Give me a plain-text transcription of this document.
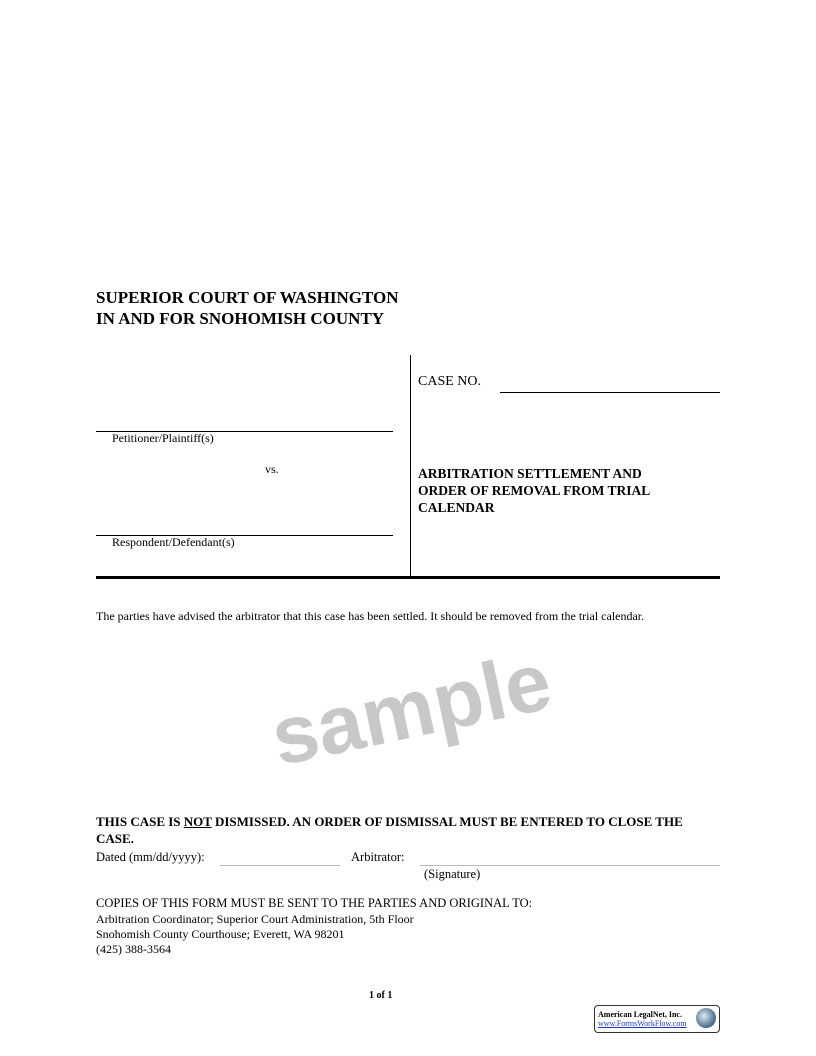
sample
SUPERIOR COURT OF WASHINGTON
IN AND FOR SNOHOMISH COUNTY
CASE NO.
Petitioner/Plaintiff(s)
vs.
Respondent/Defendant(s)
ARBITRATION SETTLEMENT AND
ORDER OF REMOVAL FROM TRIAL
CALENDAR
The parties have advised the arbitrator that this case has been settled. It should be removed from the trial calendar.
THIS CASE IS NOT DISMISSED. AN ORDER OF DISMISSAL MUST BE ENTERED TO CLOSE THE
CASE.
Dated (mm/dd/yyyy):	Arbitrator:
(Signature)
COPIES OF THIS FORM MUST BE SENT TO THE PARTIES AND ORIGINAL TO:
Arbitration Coordinator; Superior Court Administration, 5th Floor
Snohomish County Courthouse; Everett, WA 98201
(425) 388-3564
1 of 1
American LegalNet, Inc.
www.FormsWorkFlow.com
